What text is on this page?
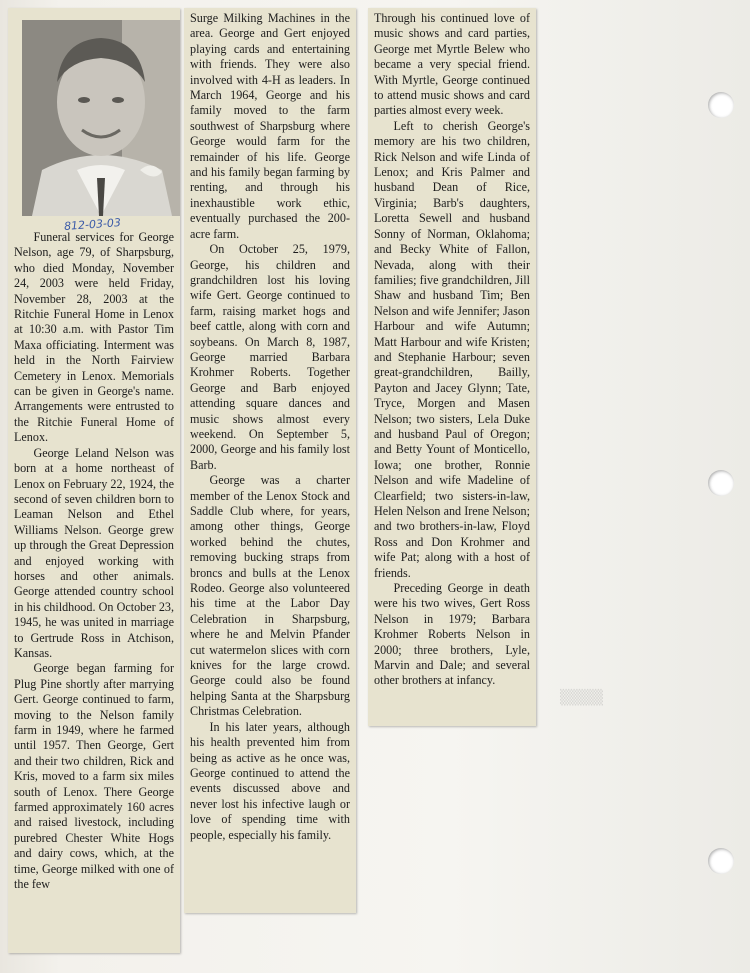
▒▒▒▒
812-03-03

Funeral services for George Nelson, age 79, of Sharpsburg, who died Monday, November 24, 2003 were held Friday, November 28, 2003 at the Ritchie Funeral Home in Lenox at 10:30 a.m. with Pastor Tim Maxa officiating. Interment was held in the North Fairview Cemetery in Lenox. Memorials can be given in George's name. Arrangements were entrusted to the Ritchie Funeral Home of Lenox.

George Leland Nelson was born at a home northeast of Lenox on February 22, 1924, the second of seven children born to Leaman Nelson and Ethel Williams Nelson. George grew up through the Great Depression and enjoyed working with horses and other animals. George attended country school in his childhood. On October 23, 1945, he was united in marriage to Gertrude Ross in Atchison, Kansas.

George began farming for Plug Pine shortly after marrying Gert. George continued to farm, moving to the Nelson family farm in 1949, where he farmed until 1957. Then George, Gert and their two children, Rick and Kris, moved to a farm six miles south of Lenox. There George farmed approximately 160 acres and raised livestock, including purebred Chester White Hogs and dairy cows, which, at the time, George milked with one of the few

Surge Milking Machines in the area. George and Gert enjoyed playing cards and entertaining with friends. They were also involved with 4-H as leaders. In March 1964, George and his family moved to the farm southwest of Sharpsburg where George would farm for the remainder of his life. George and his family began farming by renting, and through his inexhaustible work ethic, eventually purchased the 200-acre farm.

On October 25, 1979, George, his children and grandchildren lost his loving wife Gert. George continued to farm, raising market hogs and beef cattle, along with corn and soybeans. On March 8, 1987, George married Barbara Krohmer Roberts. Together George and Barb enjoyed attending square dances and music shows almost every weekend. On September 5, 2000, George and his family lost Barb.

George was a charter member of the Lenox Stock and Saddle Club where, for years, among other things, George worked behind the chutes, removing bucking straps from broncs and bulls at the Lenox Rodeo. George also volunteered his time at the Labor Day Celebration in Sharpsburg, where he and Melvin Pfander cut watermelon slices with corn knives for the large crowd. George could also be found helping Santa at the Sharpsburg Christmas Celebration.

In his later years, although his health prevented him from being as active as he once was, George continued to attend the events discussed above and never lost his infective laugh or love of spending time with people, especially his family.

Through his continued love of music shows and card parties, George met Myrtle Belew who became a very special friend. With Myrtle, George continued to attend music shows and card parties almost every week.

Left to cherish George's memory are his two children, Rick Nelson and wife Linda of Lenox; and Kris Palmer and husband Dean of Rice, Virginia; Barb's daughters, Loretta Sewell and husband Sonny of Norman, Oklahoma; and Becky White of Fallon, Nevada, along with their families; five grandchildren, Jill Shaw and husband Tim; Ben Nelson and wife Jennifer; Jason Harbour and wife Autumn; Matt Harbour and wife Kristen; and Stephanie Harbour; seven great-grandchildren, Bailly, Payton and Jacey Glynn; Tate, Tryce, Morgen and Masen Nelson; two sisters, Lela Duke and husband Paul of Oregon; and Betty Yount of Monticello, Iowa; one brother, Ronnie Nelson and wife Madeline of Clearfield; two sisters-in-law, Helen Nelson and Irene Nelson; and two brothers-in-law, Floyd Ross and Don Krohmer and wife Pat; along with a host of friends.

Preceding George in death were his two wives, Gert Ross Nelson in 1979; Barbara Krohmer Roberts Nelson in 2000; three brothers, Lyle, Marvin and Dale; and several other brothers at infancy.
